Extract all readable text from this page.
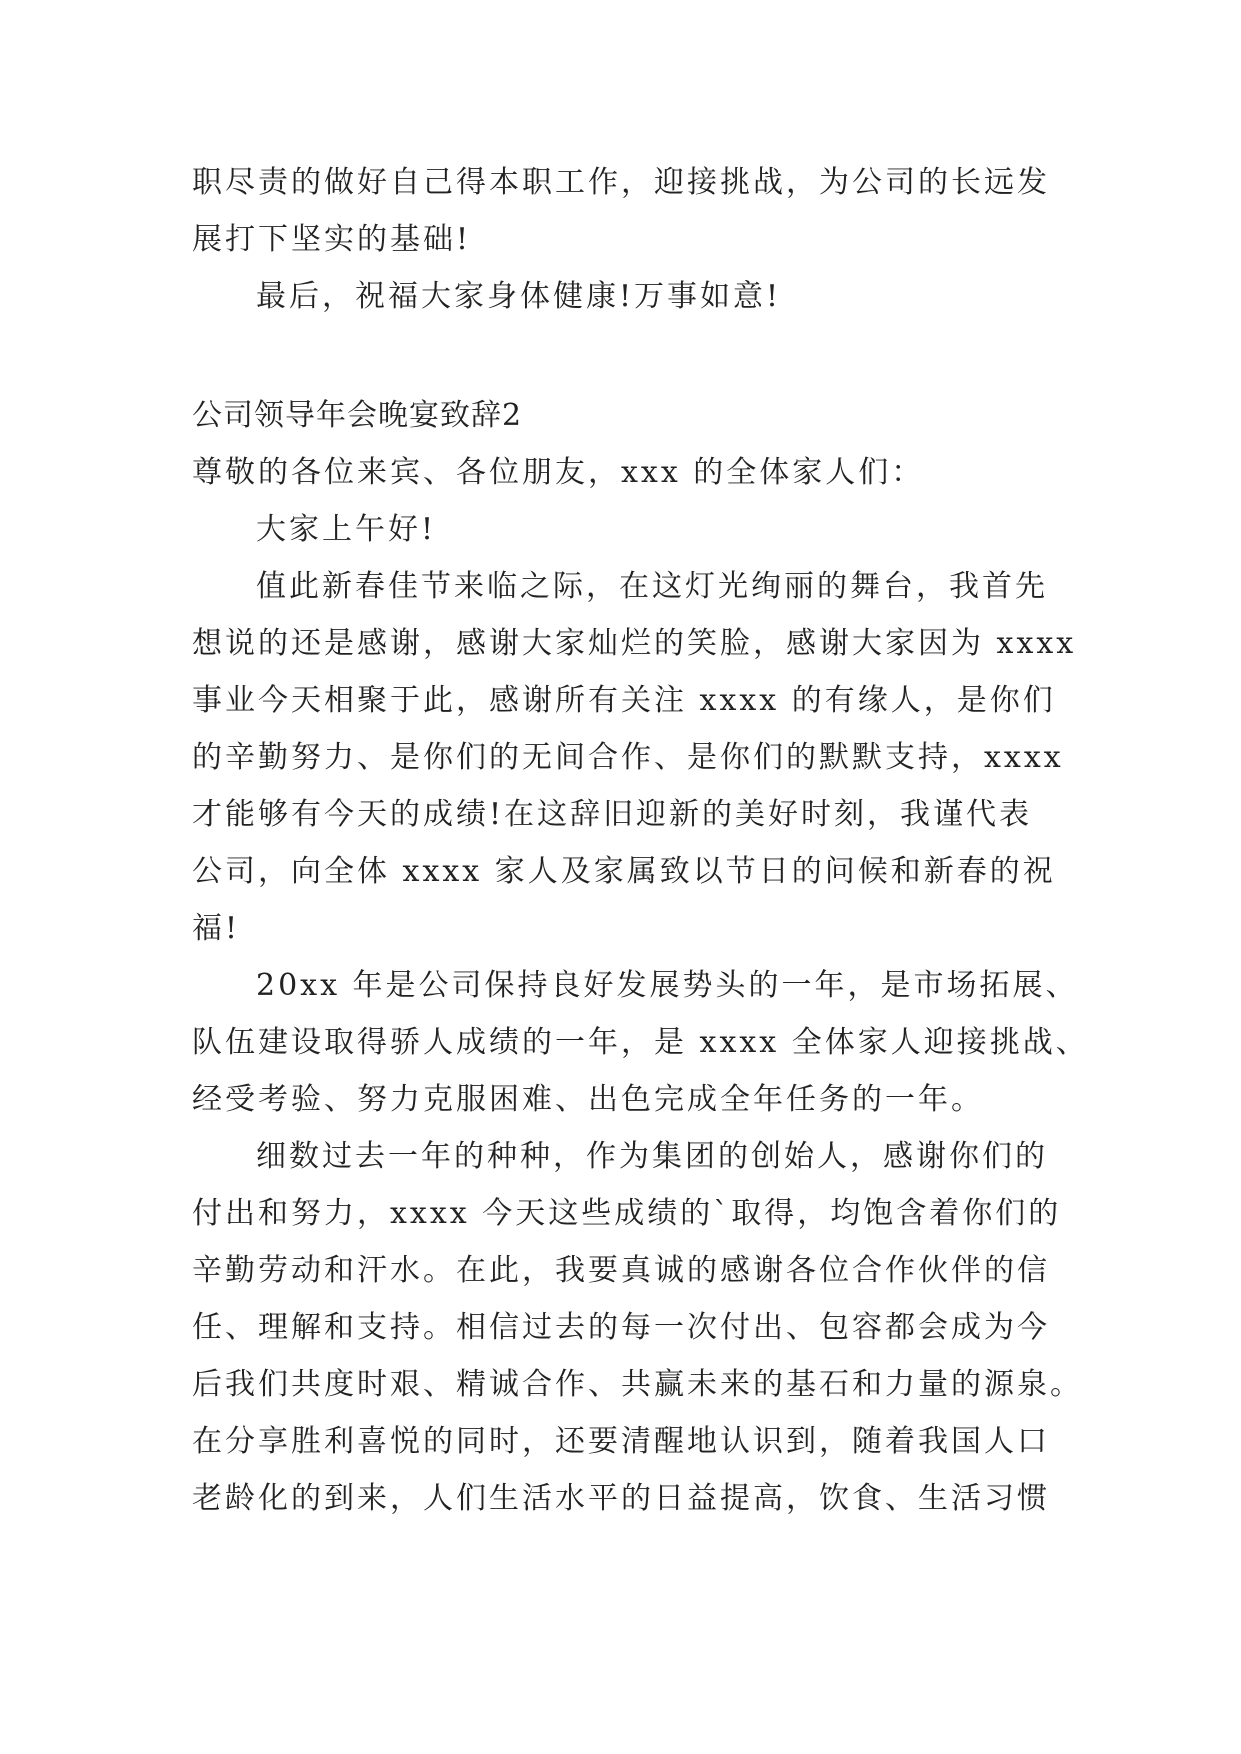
职尽责的做好自己得本职工作，迎接挑战，为公司的长远发
展打下坚实的基础!
最后，祝福大家身体健康!万事如意!
公司领导年会晚宴致辞2
尊敬的各位来宾、各位朋友，xxx 的全体家人们：
大家上午好!
值此新春佳节来临之际，在这灯光绚丽的舞台，我首先
想说的还是感谢，感谢大家灿烂的笑脸，感谢大家因为 xxxx
事业今天相聚于此，感谢所有关注 xxxx 的有缘人，是你们
的辛勤努力、是你们的无间合作、是你们的默默支持，xxxx
才能够有今天的成绩!在这辞旧迎新的美好时刻，我谨代表
公司，向全体 xxxx 家人及家属致以节日的问候和新春的祝
福!
20xx 年是公司保持良好发展势头的一年，是市场拓展、
队伍建设取得骄人成绩的一年，是 xxxx 全体家人迎接挑战、
经受考验、努力克服困难、出色完成全年任务的一年。
细数过去一年的种种，作为集团的创始人，感谢你们的
付出和努力，xxxx 今天这些成绩的`取得，均饱含着你们的
辛勤劳动和汗水。在此，我要真诚的感谢各位合作伙伴的信
任、理解和支持。相信过去的每一次付出、包容都会成为今
后我们共度时艰、精诚合作、共赢未来的基石和力量的源泉。
在分享胜利喜悦的同时，还要清醒地认识到，随着我国人口
老龄化的到来，人们生活水平的日益提高，饮食、生活习惯
